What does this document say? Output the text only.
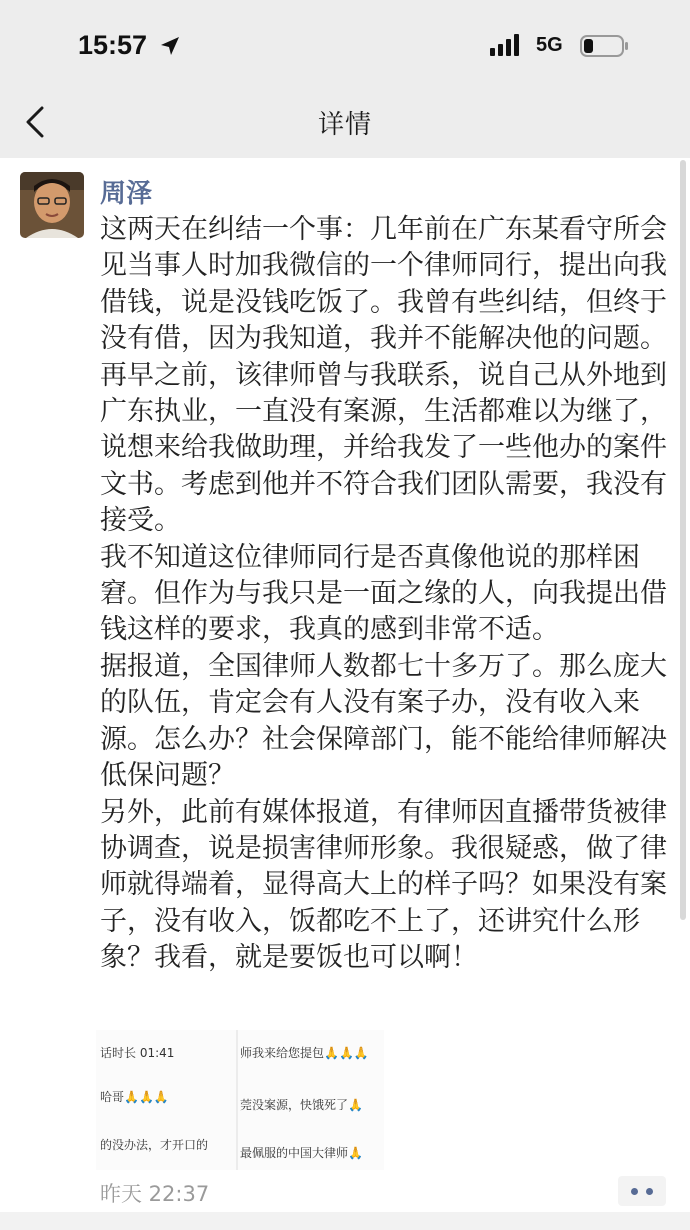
15:57	5G
详情
周泽

这两天在纠结一个事：几年前在广东某看守所会见当事人时加我微信的一个律师同行，提出向我借钱，说是没钱吃饭了。我曾有些纠结，但终于没有借，因为我知道，我并不能解决他的问题。

再早之前，该律师曾与我联系，说自己从外地到广东执业，一直没有案源，生活都难以为继了，说想来给我做助理，并给我发了一些他办的案件文书。考虑到他并不符合我们团队需要，我没有接受。

我不知道这位律师同行是否真像他说的那样困窘。但作为与我只是一面之缘的人，向我提出借钱这样的要求，我真的感到非常不适。

据报道，全国律师人数都七十多万了。那么庞大的队伍，肯定会有人没有案子办，没有收入来源。怎么办？社会保障部门，能不能给律师解决低保问题？

另外，此前有媒体报道，有律师因直播带货被律协调查，说是损害律师形象。我很疑惑，做了律师就得端着，显得高大上的样子吗？如果没有案子，没有收入，饭都吃不上了，还讲究什么形象？我看，就是要饭也可以啊！

话时长 01:41
哈哥🙏🙏🙏
的没办法，才开口的
师我来给您提包🙏🙏🙏
莞没案源，快饿死了🙏
最佩服的中国大律师🙏
昨天 22:37
